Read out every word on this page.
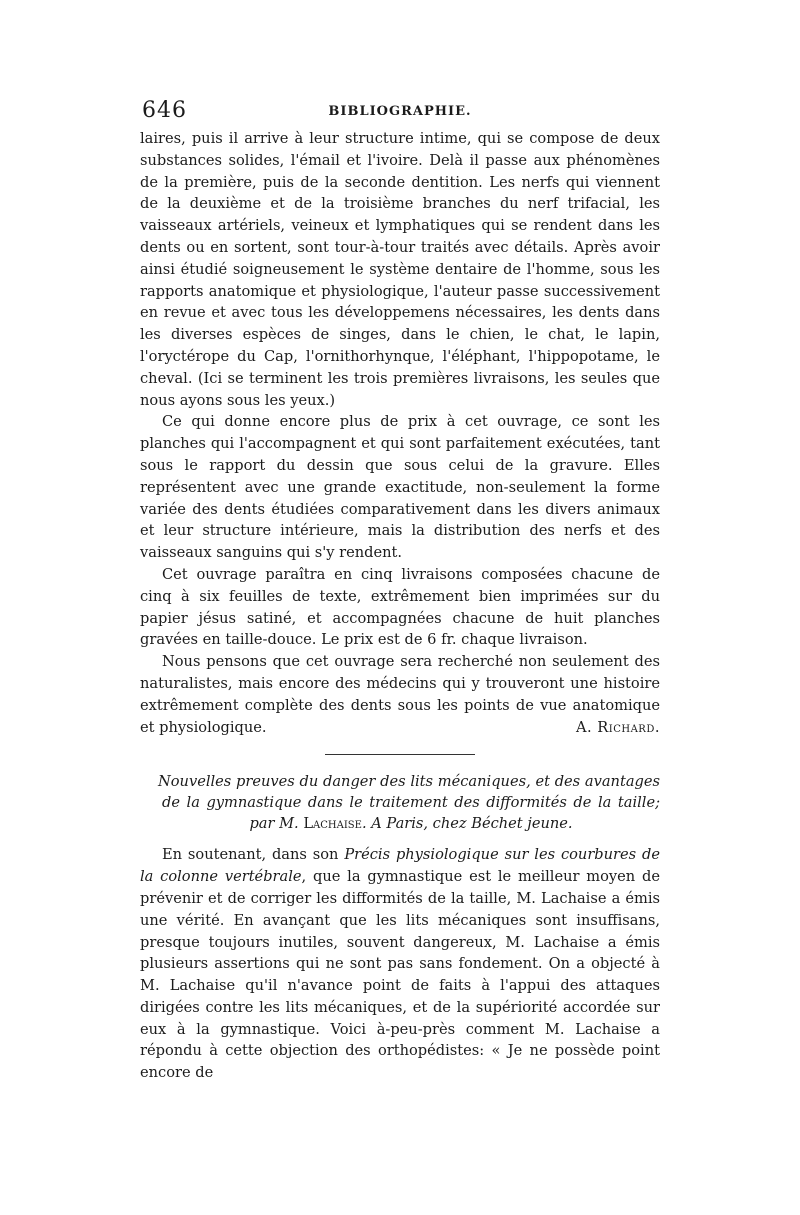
646	BIBLIOGRAPHIE.

laires, puis il arrive à leur structure intime, qui se compose de deux substances solides, l'émail et l'ivoire. Delà il passe aux phénomènes de la première, puis de la seconde dentition. Les nerfs qui viennent de la deuxième et de la troisième branches du nerf trifacial, les vaisseaux artériels, veineux et lymphatiques qui se rendent dans les dents ou en sortent, sont tour-à-tour traités avec détails. Après avoir ainsi étudié soigneusement le système dentaire de l'homme, sous les rapports anatomique et physiologique, l'auteur passe successivement en revue et avec tous les développemens nécessaires, les dents dans les diverses espèces de singes, dans le chien, le chat, le lapin, l'oryctérope du Cap, l'ornithorhynque, l'éléphant, l'hippopotame, le cheval. (Ici se terminent les trois premières livraisons, les seules que nous ayons sous les yeux.)

Ce qui donne encore plus de prix à cet ouvrage, ce sont les planches qui l'accompagnent et qui sont parfaitement exécutées, tant sous le rapport du dessin que sous celui de la gravure. Elles représentent avec une grande exactitude, non-seulement la forme variée des dents étudiées comparativement dans les divers animaux et leur structure intérieure, mais la distribution des nerfs et des vaisseaux sanguins qui s'y rendent.

Cet ouvrage paraîtra en cinq livraisons composées chacune de cinq à six feuilles de texte, extrêmement bien imprimées sur du papier jésus satiné, et accompagnées chacune de huit planches gravées en taille-douce. Le prix est de 6 fr. chaque livraison.

Nous pensons que cet ouvrage sera recherché non seulement des naturalistes, mais encore des médecins qui y trouveront une histoire extrêmement complète des dents sous les points de vue anatomique et physiologique.	A. Richard.

Nouvelles preuves du danger des lits mécaniques, et des avantages de la gymnastique dans le traitement des difformités de la taille; par M. Lachaise. A Paris, chez Béchet jeune.

En soutenant, dans son Précis physiologique sur les courbures de la colonne vertébrale, que la gymnastique est le meilleur moyen de prévenir et de corriger les difformités de la taille, M. Lachaise a émis une vérité. En avançant que les lits mécaniques sont insuffisans, presque toujours inutiles, souvent dangereux, M. Lachaise a émis plusieurs assertions qui ne sont pas sans fondement. On a objecté à M. Lachaise qu'il n'avance point de faits à l'appui des attaques dirigées contre les lits mécaniques, et de la supériorité accordée sur eux à la gymnastique. Voici à-peu-près comment M. Lachaise a répondu à cette objection des orthopédistes: « Je ne possède point encore de
